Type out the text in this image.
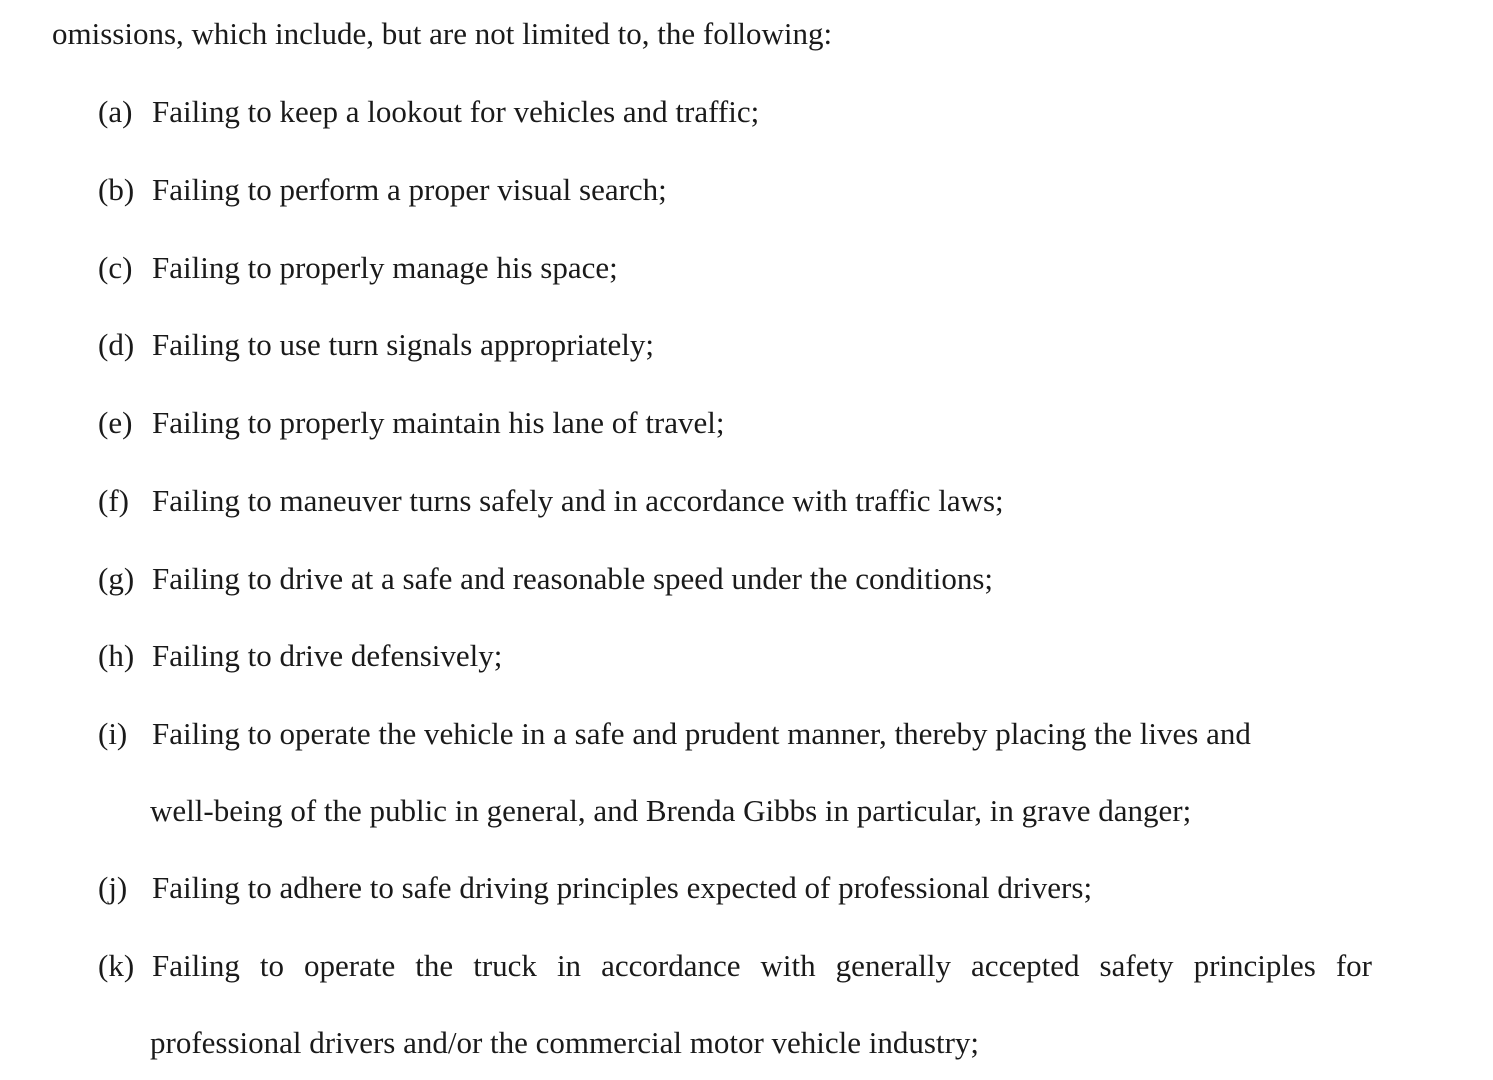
omissions, which include, but are not limited to, the following:
(a) Failing to keep a lookout for vehicles and traffic;
(b) Failing to perform a proper visual search;
(c) Failing to properly manage his space;
(d) Failing to use turn signals appropriately;
(e) Failing to properly maintain his lane of travel;
(f) Failing to maneuver turns safely and in accordance with traffic laws;
(g) Failing to drive at a safe and reasonable speed under the conditions;
(h) Failing to drive defensively;
(i) Failing to operate the vehicle in a safe and prudent manner, thereby placing the lives and
well-being of the public in general, and Brenda Gibbs in particular, in grave danger;
(j) Failing to adhere to safe driving principles expected of professional drivers;
(k) Failing to operate the truck in accordance with generally accepted safety principles for
professional drivers and/or the commercial motor vehicle industry;
